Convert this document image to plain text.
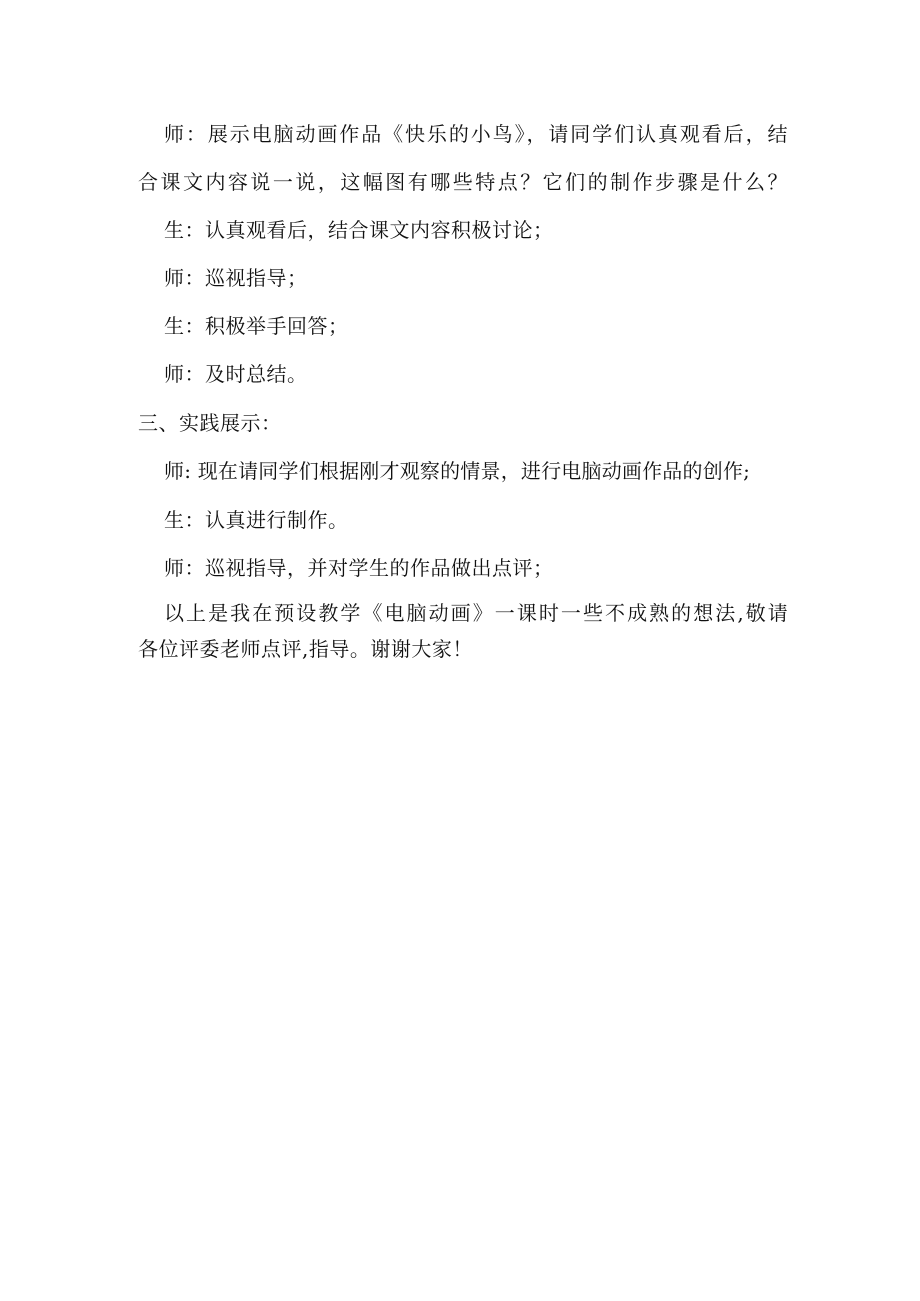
师：展示电脑动画作品《快乐的小鸟》，请同学们认真观看后，结
合课文内容说一说，这幅图有哪些特点？它们的制作步骤是什么？
生：认真观看后，结合课文内容积极讨论；
师：巡视指导；
生：积极举手回答；
师：及时总结。
三、实践展示：
师: 现在请同学们根据刚才观察的情景，进行电脑动画作品的创作;
生：认真进行制作。
师：巡视指导，并对学生的作品做出点评；
以上是我在预设教学《电脑动画》一课时一些不成熟的想法,敬请
各位评委老师点评,指导。谢谢大家！
